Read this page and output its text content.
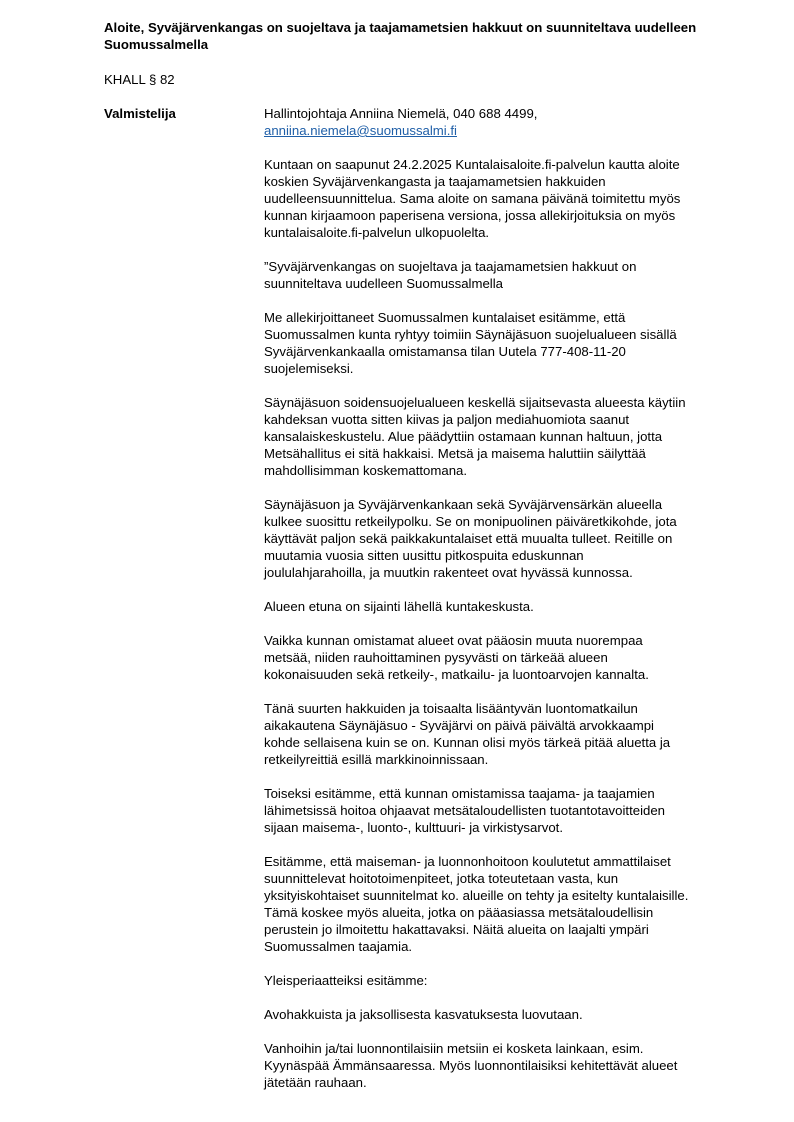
Aloite, Syväjärvenkangas on suojeltava ja taajamametsien hakkuut on suunniteltava uudelleen Suomussalmella
KHALL § 82
Valmistelija	Hallintojohtaja Anniina Niemelä, 040 688 4499,
anniina.niemela@suomussalmi.fi

Kuntaan on saapunut 24.2.2025 Kuntalaisaloite.fi-palvelun kautta aloite
koskien Syväjärvenkangasta ja taajamametsien hakkuiden
uudelleensuunnittelua. Sama aloite on samana päivänä toimitettu myös
kunnan kirjaamoon paperisena versiona, jossa allekirjoituksia on myös
kuntalaisaloite.fi-palvelun ulkopuolelta.

”Syväjärvenkangas on suojeltava ja taajamametsien hakkuut on
suunniteltava uudelleen Suomussalmella

Me allekirjoittaneet Suomussalmen kuntalaiset esitämme, että
Suomussalmen kunta ryhtyy toimiin Säynäjäsuon suojelualueen sisällä
Syväjärvenkankaalla omistamansa tilan Uutela 777-408-11-20
suojelemiseksi.

Säynäjäsuon soidensuojelualueen keskellä sijaitsevasta alueesta käytiin
kahdeksan vuotta sitten kiivas ja paljon mediahuomiota saanut
kansalaiskeskustelu. Alue päädyttiin ostamaan kunnan haltuun, jotta
Metsähallitus ei sitä hakkaisi. Metsä ja maisema haluttiin säilyttää
mahdollisimman koskemattomana.

Säynäjäsuon ja Syväjärvenkankaan sekä Syväjärvensärkän alueella
kulkee suosittu retkeilypolku. Se on monipuolinen päiväretkikohde, jota
käyttävät paljon sekä paikkakuntalaiset että muualta tulleet. Reitille on
muutamia vuosia sitten uusittu pitkospuita eduskunnan
joululahjarahoilla, ja muutkin rakenteet ovat hyvässä kunnossa.

Alueen etuna on sijainti lähellä kuntakeskusta.

Vaikka kunnan omistamat alueet ovat pääosin muuta nuorempaa
metsää, niiden rauhoittaminen pysyvästi on tärkeää alueen
kokonaisuuden sekä retkeily-, matkailu- ja luontoarvojen kannalta.

Tänä suurten hakkuiden ja toisaalta lisääntyvän luontomatkailun
aikakautena Säynäjäsuo - Syväjärvi on päivä päivältä arvokkaampi
kohde sellaisena kuin se on. Kunnan olisi myös tärkeä pitää aluetta ja
retkeilyreittiä esillä markkinoinnissaan.

Toiseksi esitämme, että kunnan omistamissa taajama- ja taajamien
lähimetsissä hoitoa ohjaavat metsätaloudellisten tuotantotavoitteiden
sijaan maisema-, luonto-, kulttuuri- ja virkistysarvot.

Esitämme, että maiseman- ja luonnonhoitoon koulutetut ammattilaiset
suunnittelevat hoitotoimenpiteet, jotka toteutetaan vasta, kun
yksityiskohtaiset suunnitelmat ko. alueille on tehty ja esitelty kuntalaisille.
Tämä koskee myös alueita, jotka on pääasiassa metsätaloudellisin
perustein jo ilmoitettu hakattavaksi. Näitä alueita on laajalti ympäri
Suomussalmen taajamia.

Yleisperiaatteiksi esitämme:

Avohakkuista ja jaksollisesta kasvatuksesta luovutaan.

Vanhoihin ja/tai luonnontilaisiin metsiin ei kosketa lainkaan, esim.
Kyynäspää Ämmänsaaressa. Myös luonnontilaisiksi kehitettävät alueet
jätetään rauhaan.
